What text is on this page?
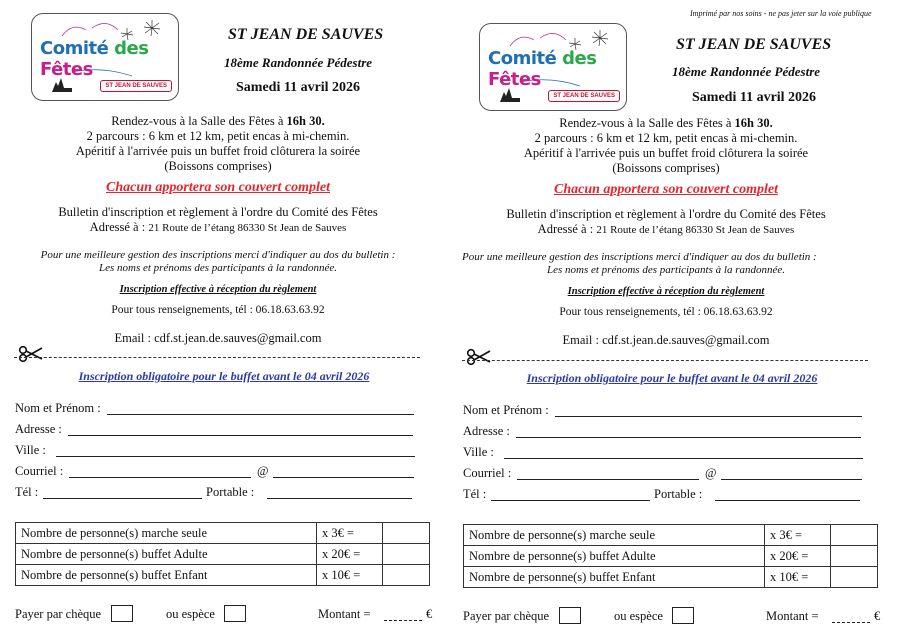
Imprimé par nos soins - ne pas jeter sur la voie publique
Comité des Fêtes
ST JEAN DE SAUVES
ST JEAN DE SAUVES
18ème Randonnée Pédestre
Samedi 11 avril 2026
Rendez-vous à la Salle des Fêtes à 16h 30.
2 parcours : 6 km et 12 km, petit encas à mi-chemin.
Apéritif à l'arrivée puis un buffet froid clôturera la soirée
(Boissons comprises)
Chacun apportera son couvert complet
Bulletin d'inscription et règlement à l'ordre du Comité des Fêtes
Adressé à : 21 Route de l’étang 86330 St Jean de Sauves
Pour une meilleure gestion des inscriptions merci d'indiquer au dos du bulletin :
Les noms et prénoms des participants à la randonnée.
Inscription effective à réception du règlement
Pour tous renseignements, tél : 06.18.63.63.92
Email : cdf.st.jean.de.sauves@gmail.com
Inscription obligatoire pour le buffet avant le 04 avril 2026
Nom et Prénom :
Adresse :
Ville :
Courriel :	@
Tél :	Portable :
Nombre de personne(s) marche seule	x 3€ =	
Nombre de personne(s) buffet Adulte	x 20€ =	
Nombre de personne(s) buffet Enfant	x 10€ =	
Payer par chèque	ou espèce	Montant =	€
Comité des Fêtes
ST JEAN DE SAUVES
ST JEAN DE SAUVES
18ème Randonnée Pédestre
Samedi 11 avril 2026
Rendez-vous à la Salle des Fêtes à 16h 30.
2 parcours : 6 km et 12 km, petit encas à mi-chemin.
Apéritif à l'arrivée puis un buffet froid clôturera la soirée
(Boissons comprises)
Chacun apportera son couvert complet
Bulletin d'inscription et règlement à l'ordre du Comité des Fêtes
Adressé à : 21 Route de l’étang 86330 St Jean de Sauves
Pour une meilleure gestion des inscriptions merci d'indiquer au dos du bulletin :
Les noms et prénoms des participants à la randonnée.
Inscription effective à réception du règlement
Pour tous renseignements, tél : 06.18.63.63.92
Email : cdf.st.jean.de.sauves@gmail.com
Inscription obligatoire pour le buffet avant le 04 avril 2026
Nom et Prénom :
Adresse :
Ville :
Courriel :	@
Tél :	Portable :
Nombre de personne(s) marche seule	x 3€ =	
Nombre de personne(s) buffet Adulte	x 20€ =	
Nombre de personne(s) buffet Enfant	x 10€ =	
Payer par chèque	ou espèce	Montant =	€
